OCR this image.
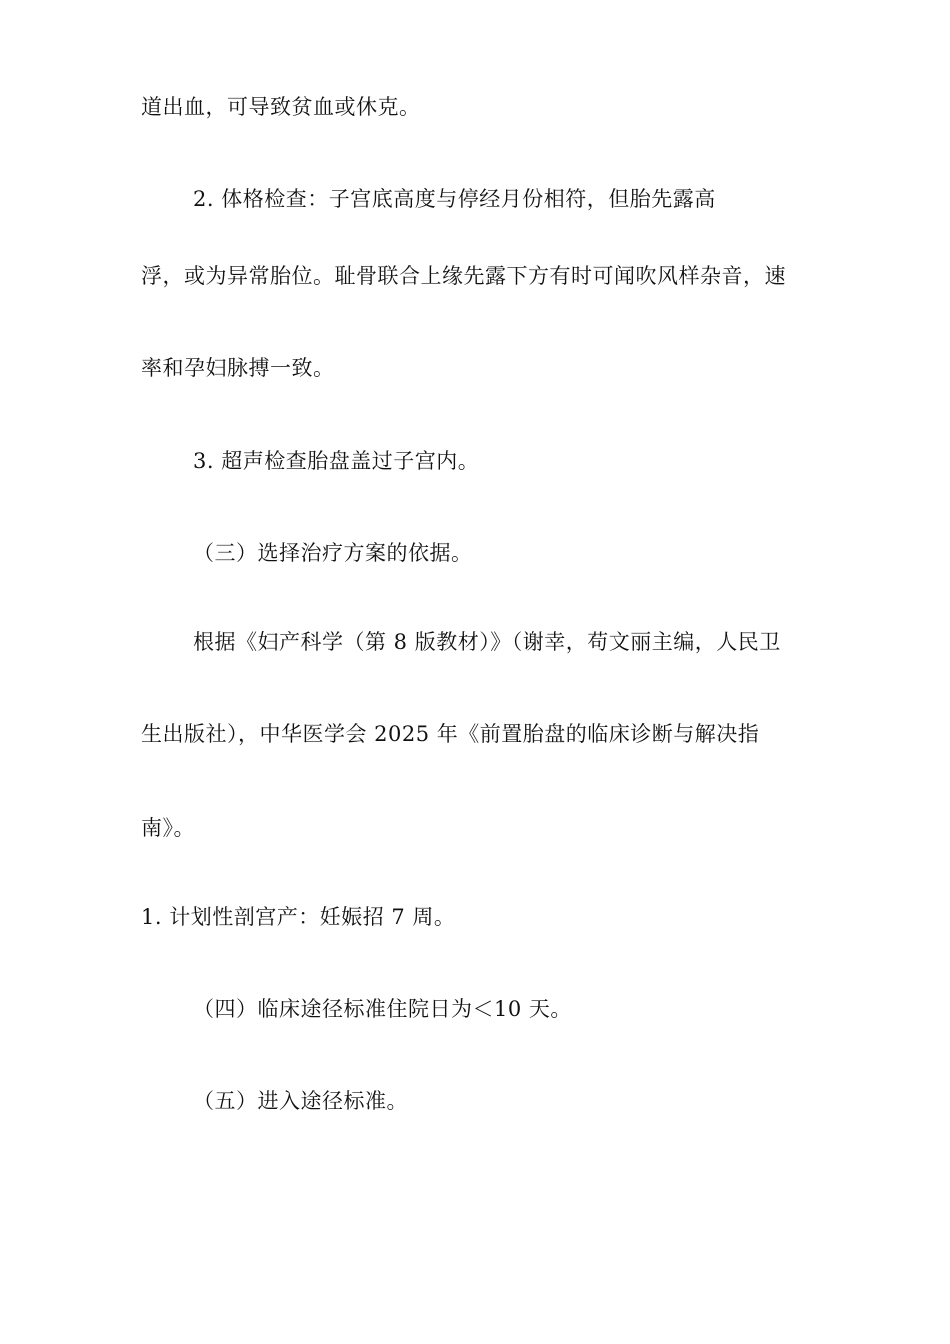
道出血，可导致贫血或休克。
2. 体格检查：子宫底高度与停经月份相符，但胎先露高
浮，或为异常胎位。耻骨联合上缘先露下方有时可闻吹风样杂音，速
率和孕妇脉搏一致。
3. 超声检查胎盘盖过子宫内。
（三）选择治疗方案的依据。
根据《妇产科学（第 8 版教材）》（谢幸，苟文丽主编，人民卫
生出版社），中华医学会 2025 年《前置胎盘的临床诊断与解决指
南》。
1. 计划性剖宫产：妊娠招 7 周。
（四）临床途径标准住院日为＜10 天。
（五）进入途径标准。
